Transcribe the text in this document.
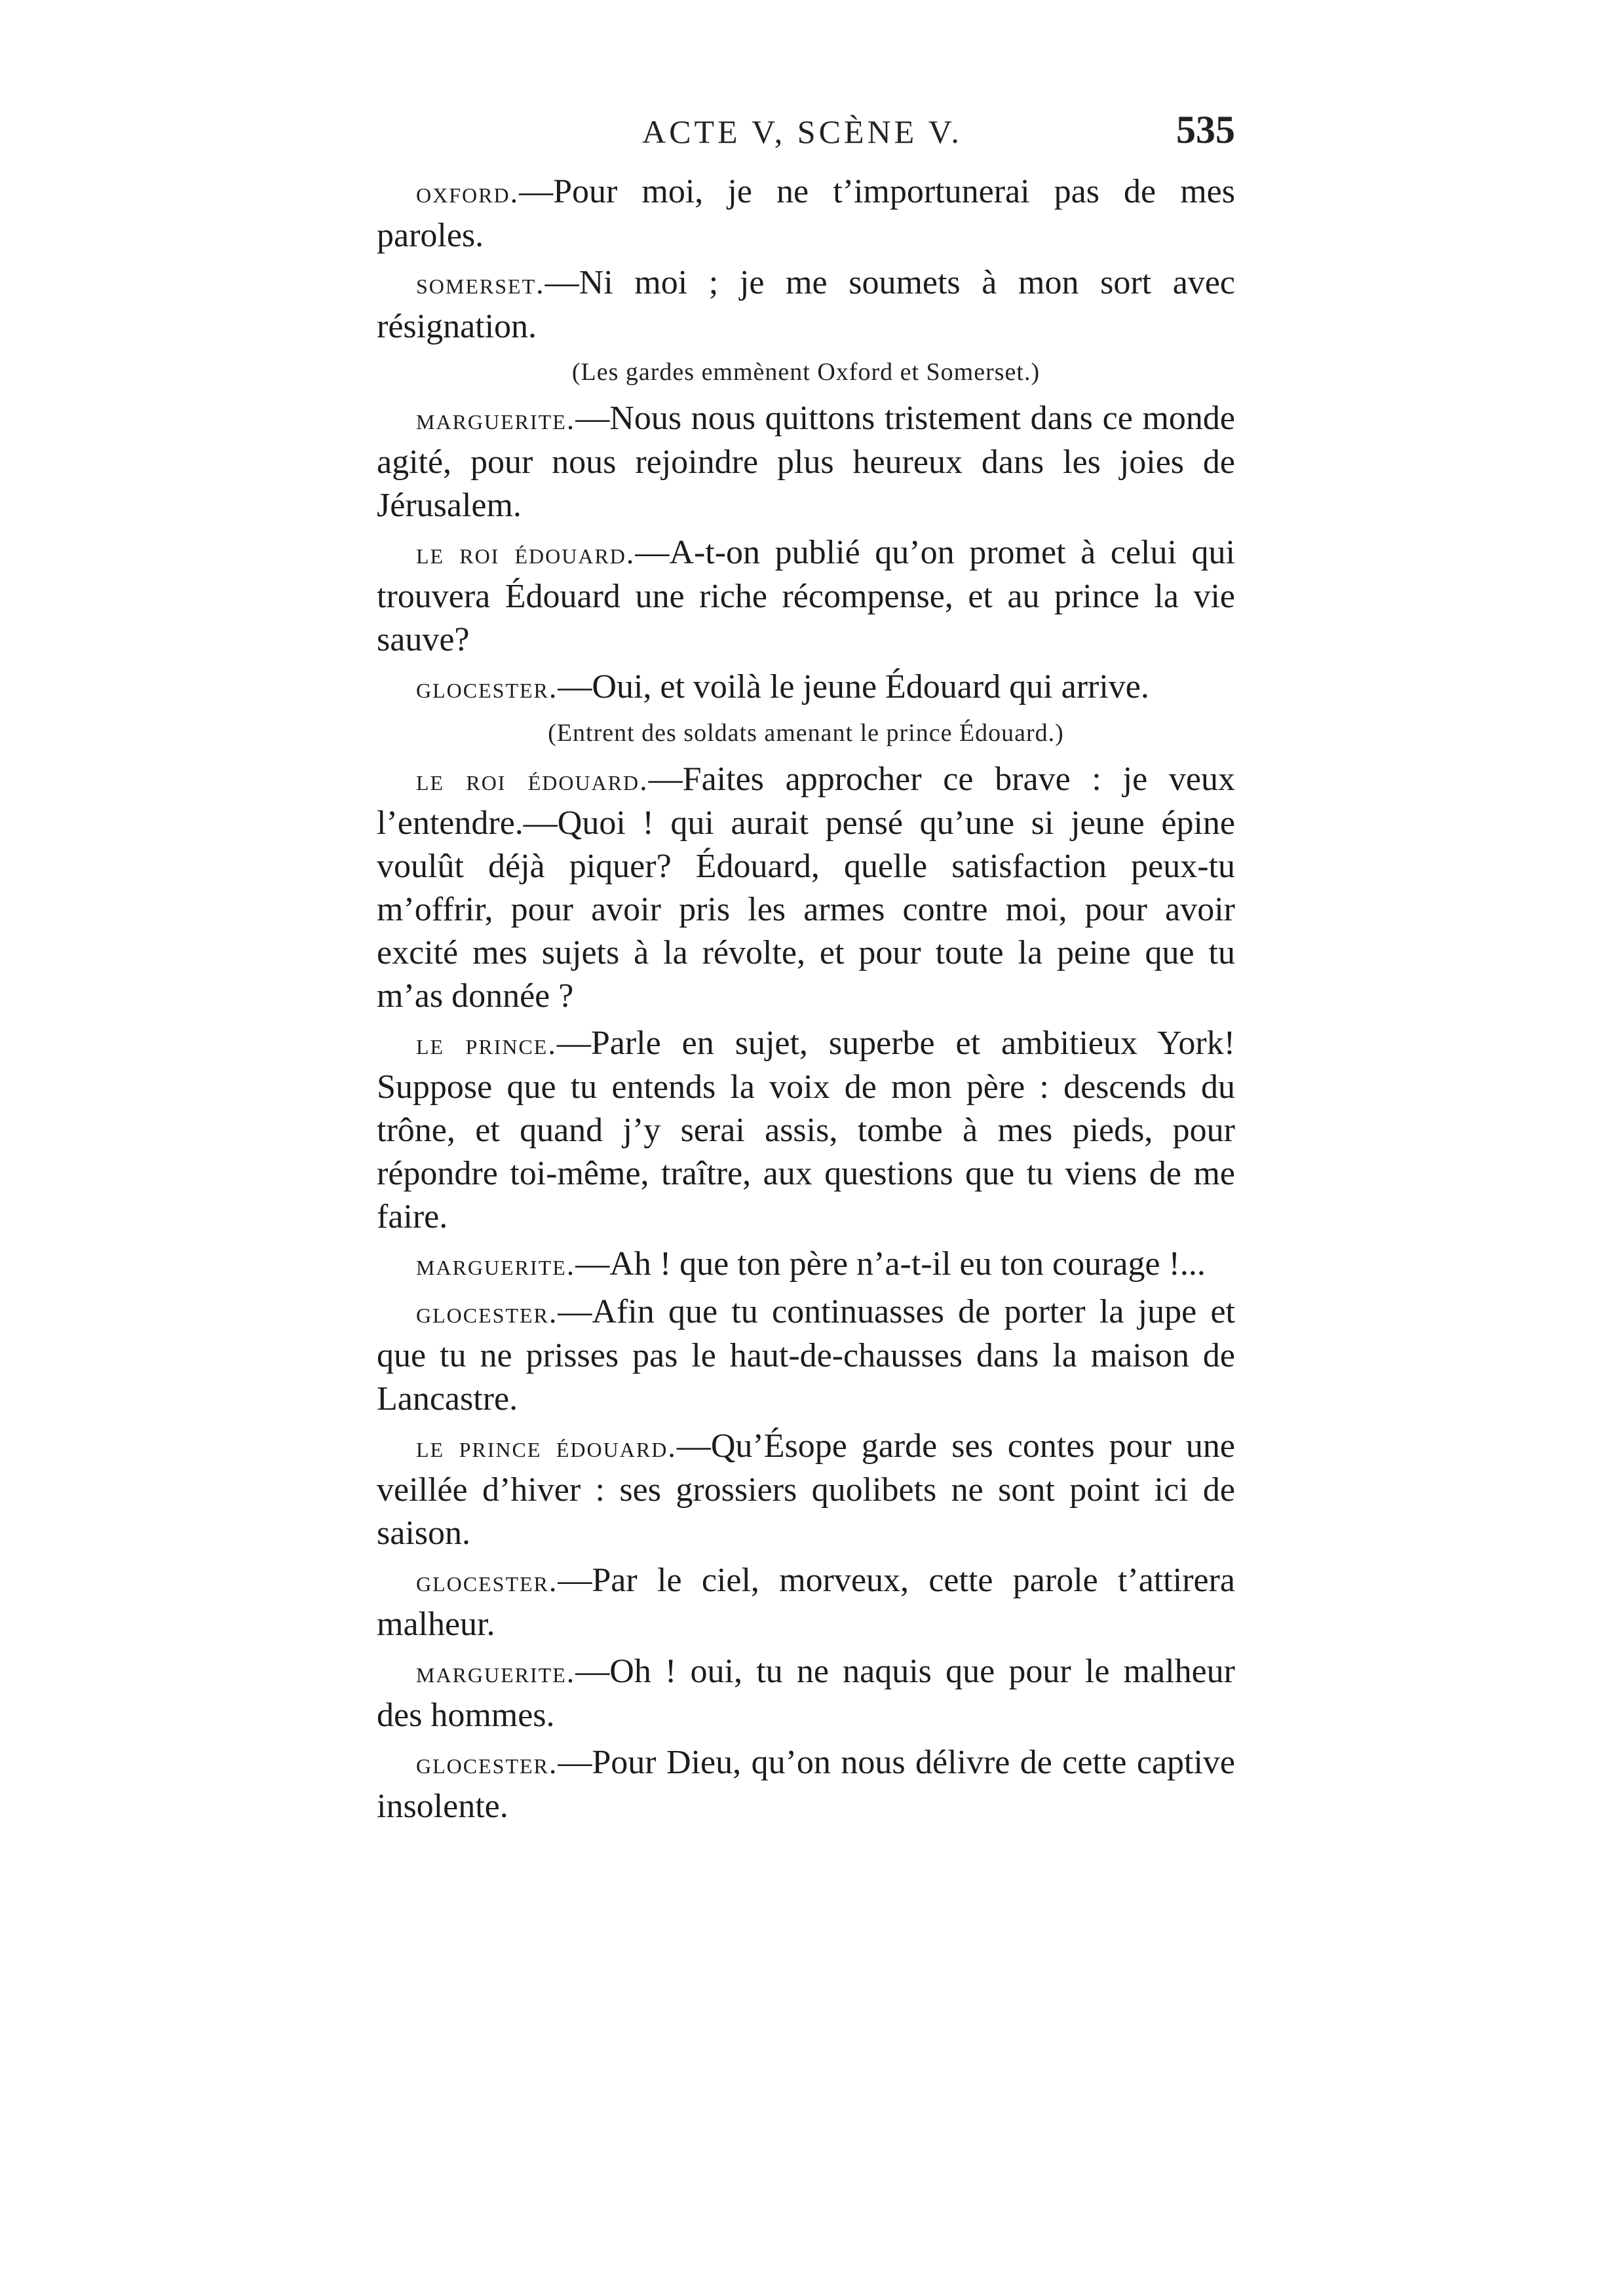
ACTE V, SCÈNE V.	535

oxford.—Pour moi, je ne t’importunerai pas de mes paroles.

somerset.—Ni moi ; je me soumets à mon sort avec résignation.

(Les gardes emmènent Oxford et Somerset.)

marguerite.—Nous nous quittons tristement dans ce monde agité, pour nous rejoindre plus heureux dans les joies de Jérusalem.

le roi édouard.—A-t-on publié qu’on promet à celui qui trouvera Édouard une riche récompense, et au prince la vie sauve?

glocester.—Oui, et voilà le jeune Édouard qui arrive.

(Entrent des soldats amenant le prince Édouard.)

le roi édouard.—Faites approcher ce brave : je veux l’entendre.—Quoi ! qui aurait pensé qu’une si jeune épine voulût déjà piquer? Édouard, quelle satisfaction peux-tu m’offrir, pour avoir pris les armes contre moi, pour avoir excité mes sujets à la révolte, et pour toute la peine que tu m’as donnée ?

le prince.—Parle en sujet, superbe et ambitieux York! Suppose que tu entends la voix de mon père : descends du trône, et quand j’y serai assis, tombe à mes pieds, pour répondre toi-même, traître, aux questions que tu viens de me faire.

marguerite.—Ah ! que ton père n’a-t-il eu ton courage !...

glocester.—Afin que tu continuasses de porter la jupe et que tu ne prisses pas le haut-de-chausses dans la maison de Lancastre.

le prince édouard.—Qu’Ésope garde ses contes pour une veillée d’hiver : ses grossiers quolibets ne sont point ici de saison.

glocester.—Par le ciel, morveux, cette parole t’attirera malheur.

marguerite.—Oh ! oui, tu ne naquis que pour le malheur des hommes.

glocester.—Pour Dieu, qu’on nous délivre de cette captive insolente.
